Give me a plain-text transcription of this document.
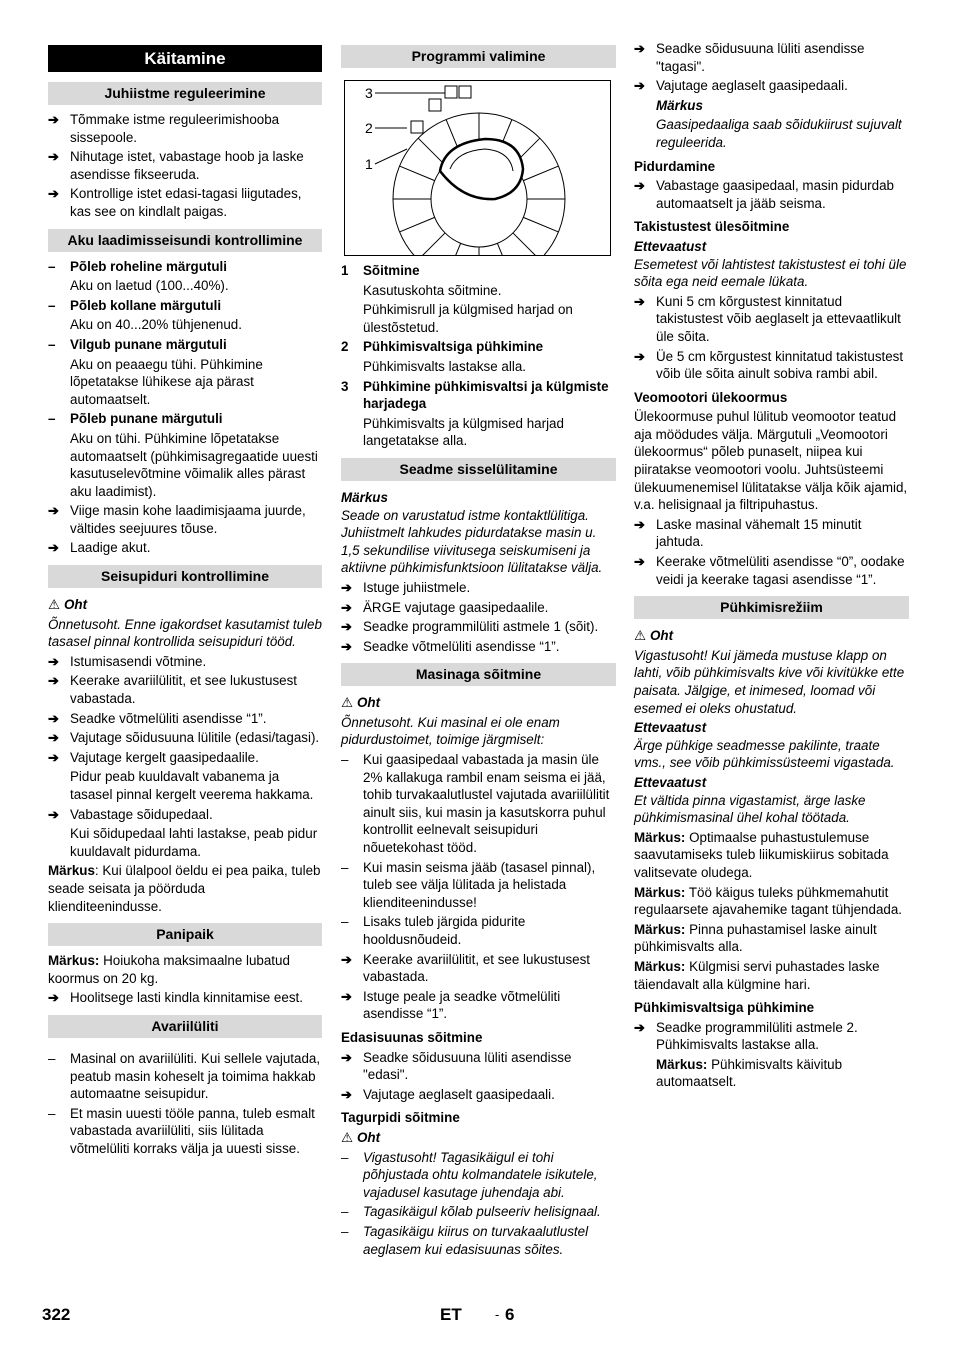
Käitamine
Juhiistme reguleerimine
➔ Tõmmake istme reguleerimishooba sissepoole.
➔ Nihutage istet, vabastage hoob ja laske asendisse fikseeruda.
➔ Kontrollige istet edasi-tagasi liigutades, kas see on kindlalt paigas.
Aku laadimisseisundi kontrollimine
– Põleb roheline märgutuli
Aku on laetud (100...40%).
– Põleb kollane märgutuli
Aku on 40...20% tühjenenud.
– Vilgub punane märgutuli
Aku on peaaegu tühi. Pühkimine lõpetatakse lühikese aja pärast automaatselt.
– Põleb punane märgutuli
Aku on tühi. Pühkimine lõpetatakse automaatselt (pühkimisagregaatide uuesti kasutuselevõtmine võimalik alles pärast aku laadimist).
➔ Viige masin kohe laadimisjaama juurde, vältides seejuures tõuse.
➔ Laadige akut.
Seisupiduri kontrollimine
⚠ Oht
Õnnetusoht. Enne igakordset kasutamist tuleb tasasel pinnal kontrollida seisupiduri tööd.
➔ Istumisasendi võtmine.
➔ Keerake avariilülitit, et see lukustusest vabastada.
➔ Seadke võtmelüliti asendisse “1”.
➔ Vajutage sõidusuuna lülitile (edasi/tagasi).
➔ Vajutage kergelt gaasipedaalile.
Pidur peab kuuldavalt vabanema ja tasasel pinnal kergelt veerema hakkama.
➔ Vabastage sõidupedaal.
Kui sõidupedaal lahti lastakse, peab pidur kuuldavalt pidurdama.
Märkus: Kui ülalpool öeldu ei pea paika, tuleb seade seisata ja pöörduda klienditeenindusse.
Panipaik
Märkus: Hoiukoha maksimaalne lubatud koormus on 20 kg.
➔ Hoolitsege lasti kindla kinnitamise eest.
Avariilüliti
– Masinal on avariilüliti. Kui sellele vajutada, peatub masin koheselt ja toimima hakkab automaatne seisupidur.
– Et masin uuesti tööle panna, tuleb esmalt vabastada avariilüliti, siis lülitada võtmelüliti korraks välja ja uuesti sisse.
Programmi valimine
3
2
1
1 Sõitmine
Kasutuskohta sõitmine.
Pühkimisrull ja külgmised harjad on ülestõstetud.
2 Pühkimisvaltsiga pühkimine
Pühkimisvalts lastakse alla.
3 Pühkimine pühkimisvaltsi ja külgmiste harjadega
Pühkimisvalts ja külgmised harjad langetatakse alla.
Seadme sisselülitamine
Märkus
Seade on varustatud istme kontaktlülitiga. Juhiistmelt lahkudes pidurdatakse masin u. 1,5 sekundilise viivitusega seiskumiseni ja aktiivne pühkimisfunktsioon lülitatakse välja.
➔ Istuge juhiistmele.
➔ ÄRGE vajutage gaasipedaalile.
➔ Seadke programmilüliti astmele 1 (sõit).
➔ Seadke võtmelüliti asendisse “1”.
Masinaga sõitmine
⚠ Oht
Õnnetusoht. Kui masinal ei ole enam pidurdustoimet, toimige järgmiselt:
– Kui gaasipedaal vabastada ja masin üle 2% kallakuga rambil enam seisma ei jää, tohib turvakaalutlustel vajutada avariilülitit ainult siis, kui masin ja kasutskorra puhul kontrollit eelnevalt seisupiduri nõuetekohast tööd.
– Kui masin seisma jääb (tasasel pinnal), tuleb see välja lülitada ja helistada klienditeenindusse!
– Lisaks tuleb järgida pidurite hooldusnõudeid.
➔ Keerake avariilülitit, et see lukustusest vabastada.
➔ Istuge peale ja seadke võtmelüliti asendisse “1”.
Edasisuunas sõitmine
➔ Seadke sõidusuuna lüliti asendisse "edasi".
➔ Vajutage aeglaselt gaasipedaali.
Tagurpidi sõitmine
⚠ Oht
– Vigastusoht! Tagasikäigul ei tohi põhjustada ohtu kolmandatele isikutele, vajadusel kasutage juhendaja abi.
– Tagasikäigul kõlab pulseeriv helisignaal.
– Tagasikäigu kiirus on turvakaalutlustel aeglasem kui edasisuunas sõites.
➔ Seadke sõidusuuna lüliti asendisse "tagasi".
➔ Vajutage aeglaselt gaasipedaali.
Märkus
Gaasipedaaliga saab sõidukiirust sujuvalt reguleerida.
Pidurdamine
➔ Vabastage gaasipedaal, masin pidurdab automaatselt ja jääb seisma.
Takistustest ülesõitmine
Ettevaatust
Esemetest või lahtistest takistustest ei tohi üle sõita ega neid eemale lükata.
➔ Kuni 5 cm kõrgustest kinnitatud takistustest võib aeglaselt ja ettevaatlikult üle sõita.
➔ Üe 5 cm kõrgustest kinnitatud takistustest võib üle sõita ainult sobiva rambi abil.
Veomootori ülekoormus
Ülekoormuse puhul lülitub veomootor teatud aja möödudes välja. Märgutuli „Veomootori ülekoormus“ põleb punaselt, niipea kui piiratakse veomootori voolu. Juhtsüsteemi ülekuumenemisel lülitatakse välja kõik ajamid, v.a. helisignaal ja filtripuhastus.
➔ Laske masinal vähemalt 15 minutit jahtuda.
➔ Keerake võtmelüliti asendisse “0”, oodake veidi ja keerake tagasi asendisse “1”.
Pühkimisrežiim
⚠ Oht
Vigastusoht! Kui jämeda mustuse klapp on lahti, võib pühkimisvalts kive või kivitükke ette paisata. Jälgige, et inimesed, loomad või esemed ei oleks ohustatud.
Ettevaatust
Ärge pühkige seadmesse pakilinte, traate vms., see võib pühkimissüsteemi vigastada.
Ettevaatust
Et vältida pinna vigastamist, ärge laske pühkimismasinal ühel kohal töötada.
Märkus: Optimaalse puhastustulemuse saavutamiseks tuleb liikumiskiirus sobitada valitsevate oludega.
Märkus: Töö käigus tuleks pühkmemahutit regulaarsete ajavahemike tagant tühjendada.
Märkus: Pinna puhastamisel laske ainult pühkimisvalts alla.
Märkus: Külgmisi servi puhastades laske täiendavalt alla külgmine hari.
Pühkimisvaltsiga pühkimine
➔ Seadke programmilüliti astmele 2. Pühkimisvalts lastakse alla.
Märkus: Pühkimisvalts käivitub automaatselt.
322	ET	- 6
